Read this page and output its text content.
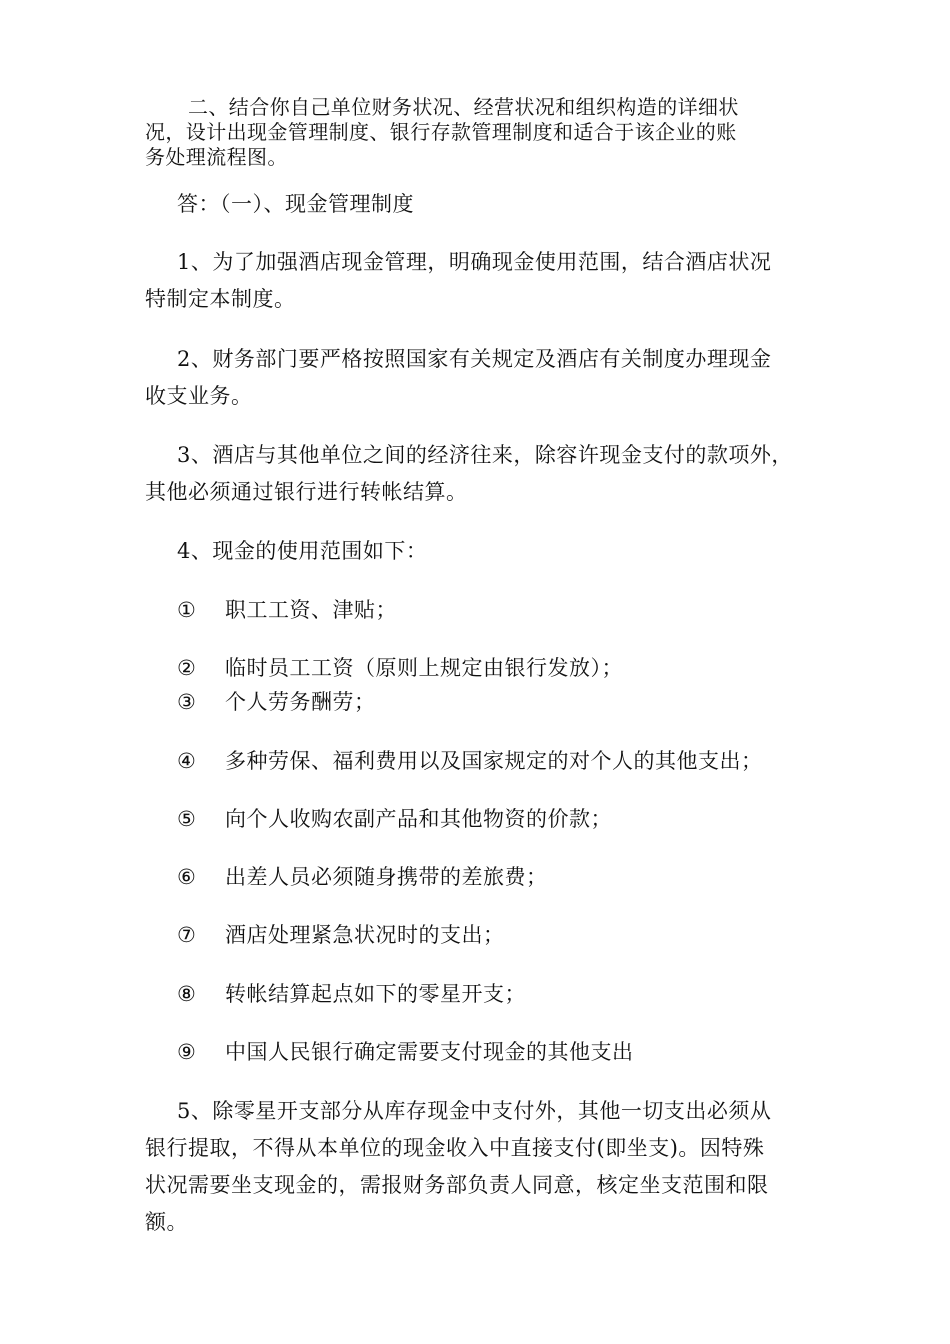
二、结合你自己单位财务状况、经营状况和组织构造的详细状
况，设计出现金管理制度、银行存款管理制度和适合于该企业的账
务处理流程图。
答：（一）、现金管理制度
1、为了加强酒店现金管理，明确现金使用范围，结合酒店状况
特制定本制度。
2、财务部门要严格按照国家有关规定及酒店有关制度办理现金
收支业务。
3、酒店与其他单位之间的经济往来，除容许现金支付的款项外，
其他必须通过银行进行转帐结算。
4、现金的使用范围如下：
① 职工工资、津贴；
② 临时员工工资（原则上规定由银行发放）；
③ 个人劳务酬劳；
④ 多种劳保、福利费用以及国家规定的对个人的其他支出；
⑤ 向个人收购农副产品和其他物资的价款；
⑥ 出差人员必须随身携带的差旅费；
⑦ 酒店处理紧急状况时的支出；
⑧ 转帐结算起点如下的零星开支；
⑨ 中国人民银行确定需要支付现金的其他支出
5、除零星开支部分从库存现金中支付外，其他一切支出必须从
银行提取，不得从本单位的现金收入中直接支付(即坐支)。因特殊
状况需要坐支现金的，需报财务部负责人同意，核定坐支范围和限
额。
